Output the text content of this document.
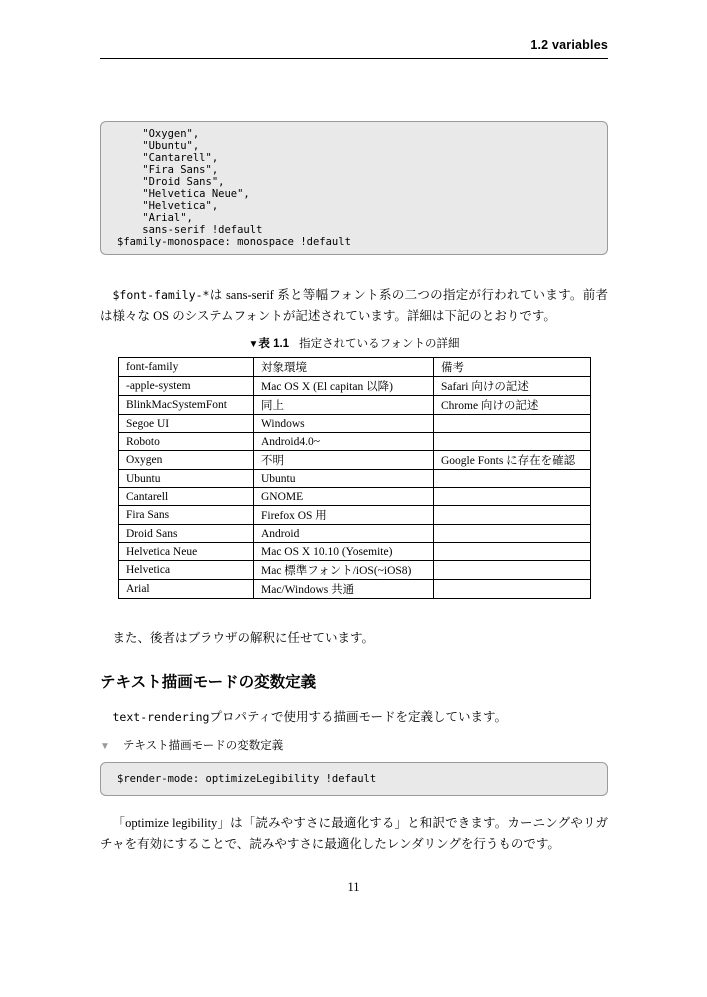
1.2 variables
"Oxygen",
"Ubuntu",
"Cantarell",
"Fira Sans",
"Droid Sans",
"Helvetica Neue",
"Helvetica",
"Arial",
sans-serif !default
$family-monospace: monospace !default

$font-family-*は sans-serif 系と等幅フォント系の二つの指定が行われています。前者は様々な OS のシステムフォントが記述されています。詳細は下記のとおりです。

▼表 1.1 指定されているフォントの詳細
font-family	対象環境	備考
-apple-system	Mac OS X (El capitan 以降)	Safari 向けの記述
BlinkMacSystemFont	同上	Chrome 向けの記述
Segoe UI	Windows	
Roboto	Android4.0~	
Oxygen	不明	Google Fonts に存在を確認
Ubuntu	Ubuntu	
Cantarell	GNOME	
Fira Sans	Firefox OS 用	
Droid Sans	Android	
Helvetica Neue	Mac OS X 10.10 (Yosemite)	
Helvetica	Mac 標準フォント/iOS(~iOS8)	
Arial	Mac/Windows 共通	

また、後者はブラウザの解釈に任せています。

テキスト描画モードの変数定義

text-renderingプロパティで使用する描画モードを定義しています。

▼ テキスト描画モードの変数定義
$render-mode: optimizeLegibility !default

「optimize legibility」は「読みやすさに最適化する」と和訳できます。カーニングやリガチャを有効にすることで、読みやすさに最適化したレンダリングを行うものです。

11
